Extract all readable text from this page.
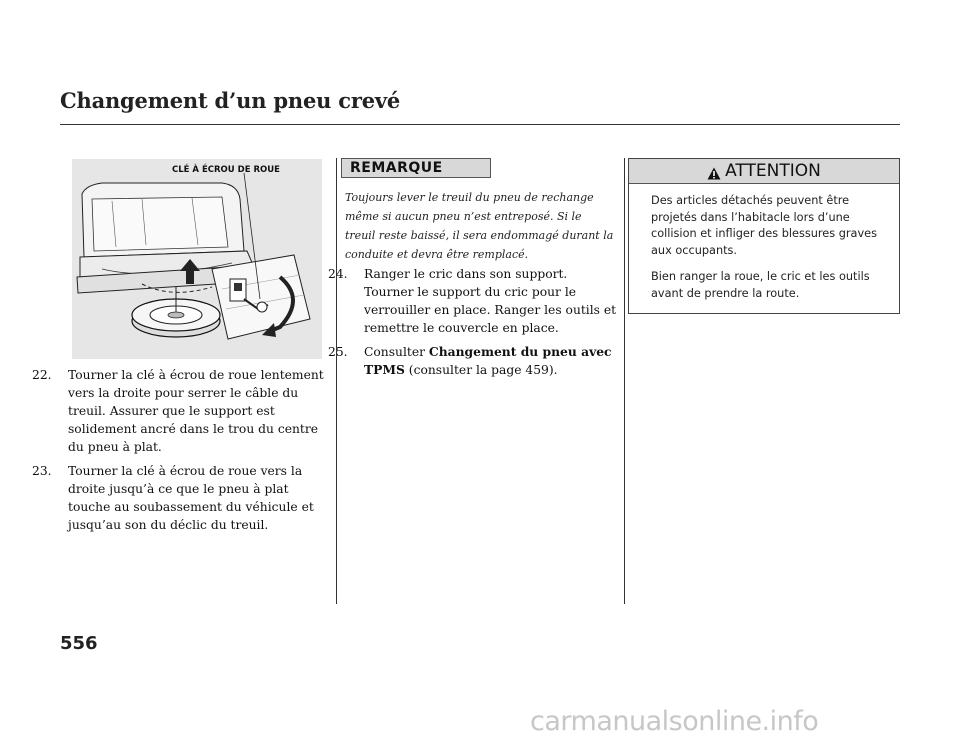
Changement d’un pneu crevé

CLÉ À ÉCROU DE ROUE

22. Tourner la clé à écrou de roue lentement vers la droite pour serrer le câble du treuil. Assurer que le support est solidement ancré dans le trou du centre du pneu à plat.
23. Tourner la clé à écrou de roue vers la droite jusqu’à ce que le pneu à plat touche au soubassement du véhicule et jusqu’au son du déclic du treuil.
REMARQUE

Toujours lever le treuil du pneu de rechange même si aucun pneu n’est entreposé. Si le treuil reste baissé, il sera endommagé durant la conduite et devra être remplacé.

24. Ranger le cric dans son support. Tourner le support du cric pour le verrouiller en place. Ranger les outils et remettre le couvercle en place.
25. Consulter Changement du pneu avec TPMS (consulter la page 459).
ATTENTION

Des articles détachés peuvent être projetés dans l’habitacle lors d’une collision et infliger des blessures graves aux occupants.

Bien ranger la roue, le cric et les outils avant de prendre la route.

556

carmanualsonline.info
